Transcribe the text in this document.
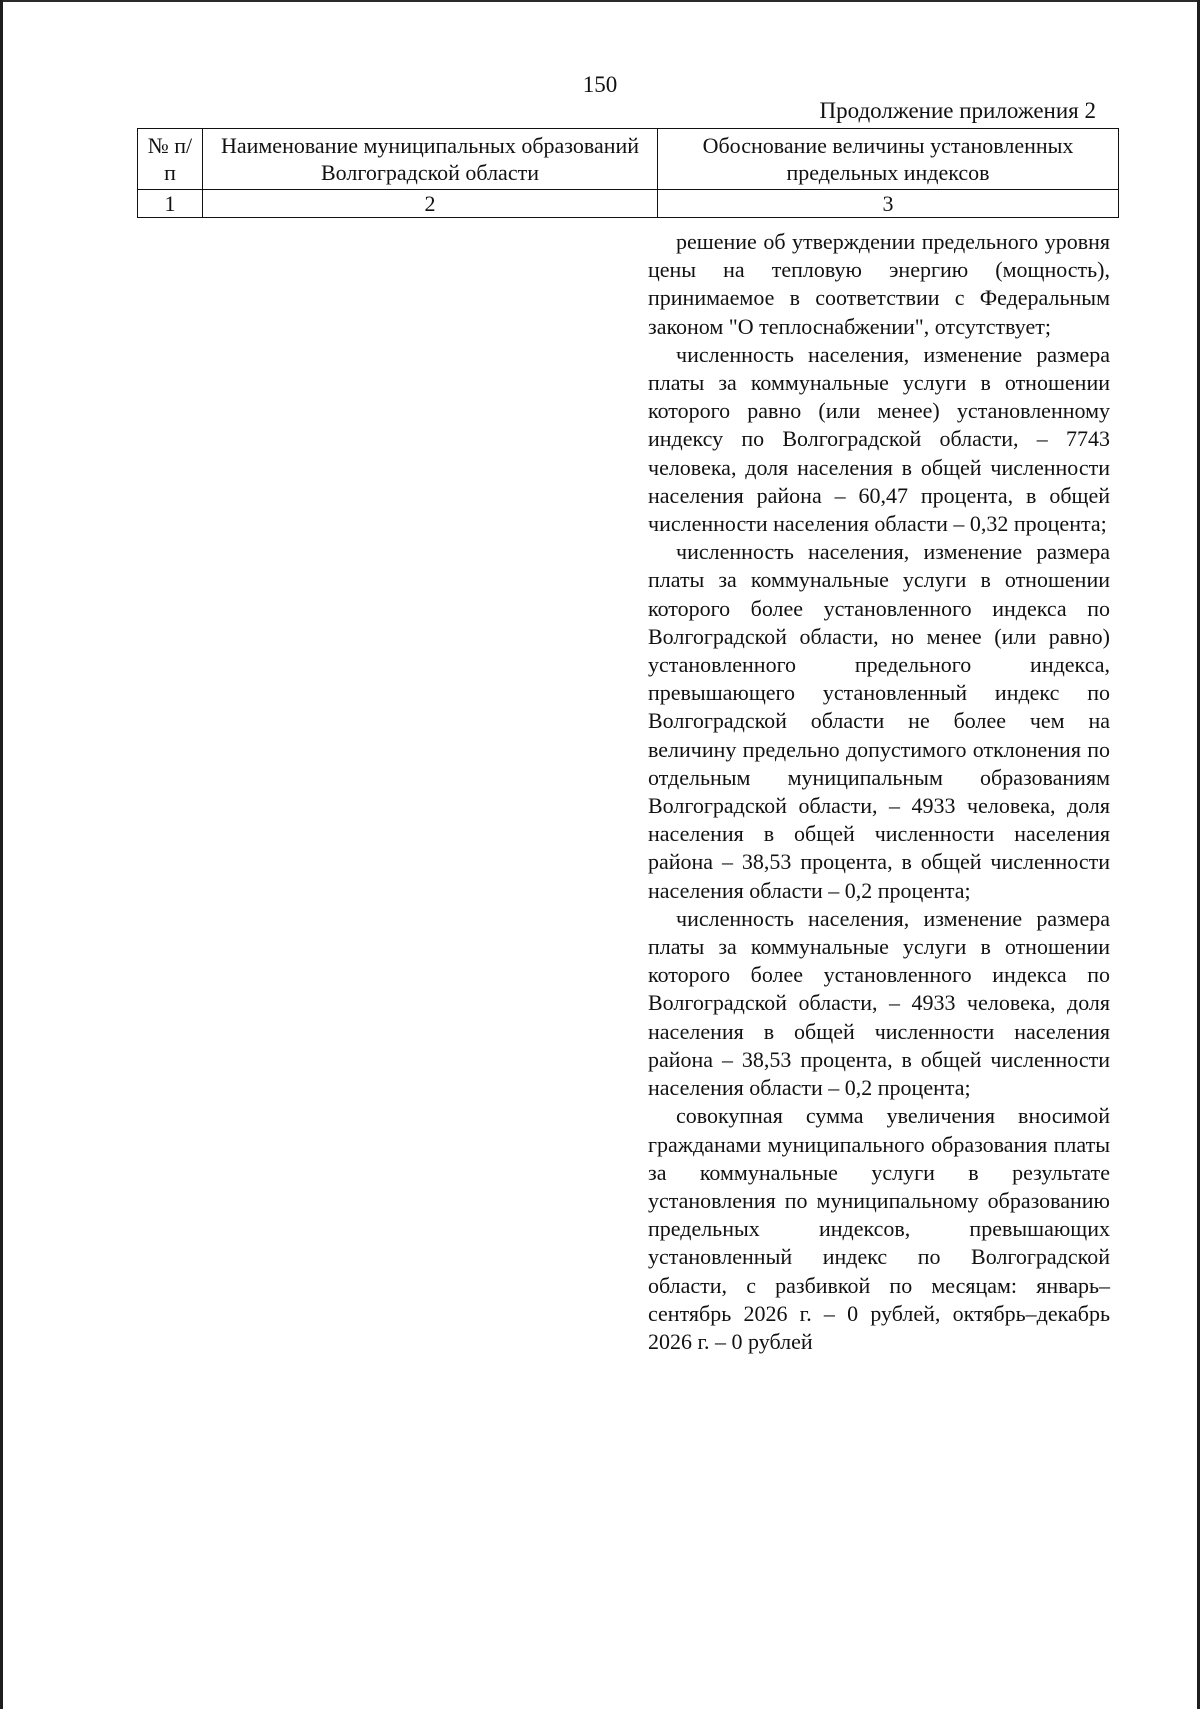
150
Продолжение приложения 2
№ п/п	Наименование муниципальных образований Волгоградской области	Обоснование величины установленных предельных индексов
1	2	3

решение об утверждении предельного уровня цены на тепловую энергию (мощность), принимаемое в соответствии с Федеральным законом "О теплоснабжении", отсутствует;

численность населения, изменение размера платы за коммунальные услуги в отношении которого равно (или менее) установленному индексу по Волгоградской области, – 7743 человека, доля населения в общей численности населения района – 60,47 процента, в общей численности населения области – 0,32 процента;

численность населения, изменение размера платы за коммунальные услуги в отношении которого более установленного индекса по Волгоградской области, но менее (или равно) установленного предельного индекса, превышающего установленный индекс по Волгоградской области не более чем на величину предельно допустимого отклонения по отдельным муниципальным образованиям Волгоградской области, – 4933 человека, доля населения в общей численности населения района – 38,53 процента, в общей численности населения области – 0,2 процента;

численность населения, изменение размера платы за коммунальные услуги в отношении которого более установленного индекса по Волгоградской области, – 4933 человека, доля населения в общей численности населения района – 38,53 процента, в общей численности населения области – 0,2 процента;

совокупная сумма увеличения вносимой гражданами муниципального образования платы за коммунальные услуги в результате установления по муниципальному образованию предельных индексов, превышающих установленный индекс по Волгоградской области, с разбивкой по месяцам: январь–сентябрь 2026 г. – 0 рублей, октябрь–декабрь 2026 г. – 0 рублей
